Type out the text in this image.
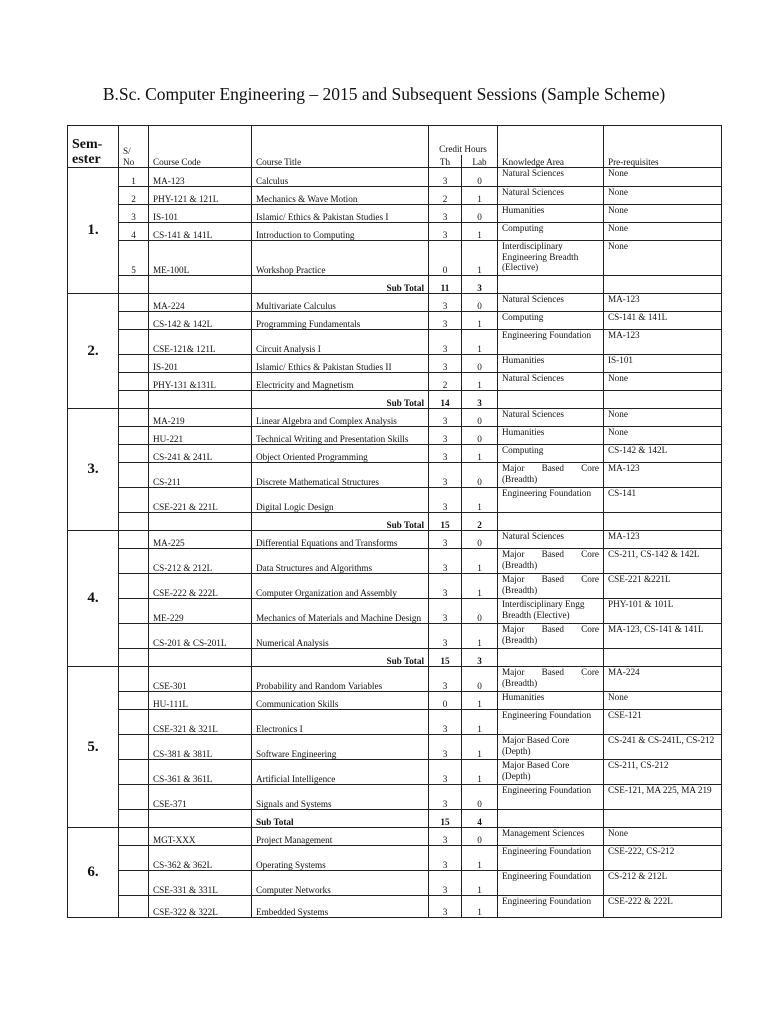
B.Sc. Computer Engineering – 2015 and Subsequent Sessions (Sample Scheme)
Sem-
ester	S/
No	Course Code	Course Title	Credit Hours		Knowledge Area	Pre-requisites
				Th	Lab		
1.	1	MA-123	Calculus	3	0	Natural Sciences	None
	2	PHY-121 & 121L	Mechanics & Wave Motion	2	1	Natural Sciences	None
	3	IS-101	Islamic/ Ethics & Pakistan Studies I	3	0	Humanities	None
	4	CS-141 & 141L	Introduction to Computing	3	1	Computing	None
	5	ME-100L	Workshop Practice	0	1	Interdisciplinary Engineering Breadth (Elective)	None
			Sub Total	11	3		
2.		MA-224	Multivariate Calculus	3	0	Natural Sciences	MA-123
		CS-142 & 142L	Programming Fundamentals	3	1	Computing	CS-141 & 141L
		CSE-121& 121L	Circuit Analysis I	3	1	Engineering Foundation	MA-123
		IS-201	Islamic/ Ethics & Pakistan Studies II	3	0	Humanities	IS-101
		PHY-131 &131L	Electricity and Magnetism	2	1	Natural Sciences	None
			Sub Total	14	3		
3.		MA-219	Linear Algebra and Complex Analysis	3	0	Natural Sciences	None
		HU-221	Technical Writing and Presentation Skills	3	0	Humanities	None
		CS-241 & 241L	Object Oriented Programming	3	1	Computing	CS-142 & 142L
		CS-211	Discrete Mathematical Structures	3	0	Major Based Core (Breadth)	MA-123
		CSE-221 & 221L	Digital Logic Design	3	1	Engineering Foundation	CS-141
			Sub Total	15	2		
4.		MA-225	Differential Equations and Transforms	3	0	Natural Sciences	MA-123
		CS-212 & 212L	Data Structures and Algorithms	3	1	Major Based Core (Breadth)	CS-211, CS-142 & 142L
		CSE-222 & 222L	Computer Organization and Assembly	3	1	Major Based Core (Breadth)	CSE-221 &221L
		ME-229	Mechanics of Materials and Machine Design	3	0	Interdisciplinary Engg Breadth (Elective)	PHY-101 & 101L
		CS-201 & CS-201L	Numerical Analysis	3	1	Major Based Core (Breadth)	MA-123, CS-141 & 141L
			Sub Total	15	3		
5.		CSE-301	Probability and Random Variables	3	0	Major Based Core (Breadth)	MA-224
		HU-111L	Communication Skills	0	1	Humanities	None
		CSE-321 & 321L	Electronics I	3	1	Engineering Foundation	CSE-121
		CS-381 & 381L	Software Engineering	3	1	Major Based Core (Depth)	CS-241 & CS-241L, CS-212
		CS-361 & 361L	Artificial Intelligence	3	1	Major Based Core (Depth)	CS-211, CS-212
		CSE-371	Signals and Systems	3	0	Engineering Foundation	CSE-121, MA 225, MA 219
			Sub Total	15	4		
6.		MGT-XXX	Project Management	3	0	Management Sciences	None
		CS-362 & 362L	Operating Systems	3	1	Engineering Foundation	CSE-222, CS-212
		CSE-331 & 331L	Computer Networks	3	1	Engineering Foundation	CS-212 & 212L
		CSE-322 & 322L	Embedded Systems	3	1	Engineering Foundation	CSE-222 & 222L
